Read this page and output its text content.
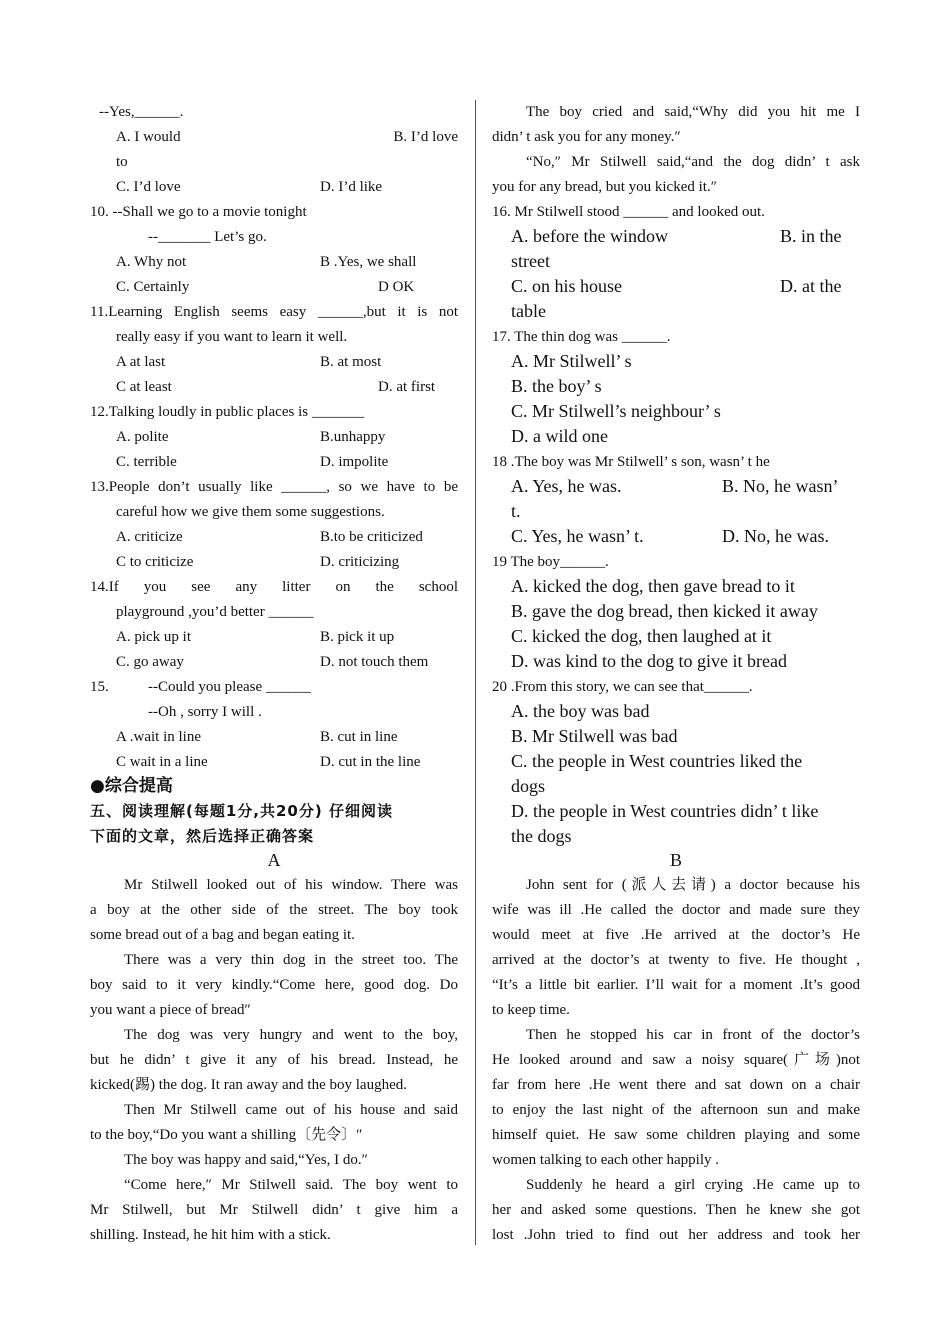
--Yes,______.
A. I would	B. I’d love
to
C. I’d love	D. I’d like
10. --Shall we go to a movie tonight
--_______ Let’s go.
A. Why not	B .Yes, we shall
C. Certainly	D OK
11.Learning English seems easy ______,but it is not
really easy if you want to learn it well.
A at last	B. at most
C at least	D. at first
12.Talking loudly in public places is _______
A. polite	B.unhappy
C. terrible	D. impolite
13.People don’t usually like ______, so we have to be
careful how we give them some suggestions.
A. criticize	B.to be criticized
C to criticize	D. criticizing
14.If you see any litter on the school
playground ,you’d better ______
A. pick up it	B. pick it up
C. go away	D. not touch them
15.	--Could you please ______
--Oh , sorry I will .
A .wait in line	B. cut in line
C wait in a line	D. cut in the line
●综合提高
五、阅读理解(每题1分,共20分) 仔细阅读
下面的文章，然后选择正确答案
A
Mr Stilwell looked out of his window. There was
a boy at the other side of the street. The boy took
some bread out of a bag and began eating it.
There was a very thin dog in the street too. The
boy said to it very kindly.“Come here, good dog. Do
you want a piece of bread″
The dog was very hungry and went to the boy,
but he didn’ t give it any of his bread. Instead, he
kicked(踢) the dog. It ran away and the boy laughed.
Then Mr Stilwell came out of his house and said
to the boy,“Do you want a shilling〔先令〕″
The boy was happy and said,“Yes, I do.″
“Come here,″ Mr Stilwell said. The boy went to
Mr Stilwell, but Mr Stilwell didn’ t give him a
shilling. Instead, he hit him with a stick.
The boy cried and said,“Why did you hit me I
didn’ t ask you for any money.″
“No,″ Mr Stilwell said,“and the dog didn’ t ask
you for any bread, but you kicked it.″
16. Mr Stilwell stood ______ and looked out.
A. before the window	B. in the
street
C. on his house	D. at the
table
17. The thin dog was ______.
A. Mr Stilwell’ s
B. the boy’ s
C. Mr Stilwell’s neighbour’ s
D. a wild one
18 .The boy was Mr Stilwell’ s son, wasn’ t he
A. Yes, he was.	B. No, he wasn’
t.
C. Yes, he wasn’ t.	D. No, he was.
19 The boy______.
A. kicked the dog, then gave bread to it
B. gave the dog bread, then kicked it away
C. kicked the dog, then laughed at it
D. was kind to the dog to give it bread
20 .From this story, we can see that______.
A. the boy was bad
B. Mr Stilwell was bad
C. the people in West countries liked the
dogs
D. the people in West countries didn’ t like
the dogs
B
John sent for (派人去请) a doctor because his
wife was ill .He called the doctor and made sure they
would meet at five .He arrived at the doctor’s He
arrived at the doctor’s at twenty to five. He thought ,
“It’s a little bit earlier. I’ll wait for a moment .It’s good
to keep time.
Then he stopped his car in front of the doctor’s
He looked around and saw a noisy square(广场)not
far from here .He went there and sat down on a chair
to enjoy the last night of the afternoon sun and make
himself quiet. He saw some children playing and some
women talking to each other happily .
Suddenly he heard a girl crying .He came up to
her and asked some questions. Then he knew she got
lost .John tried to find out her address and took her
